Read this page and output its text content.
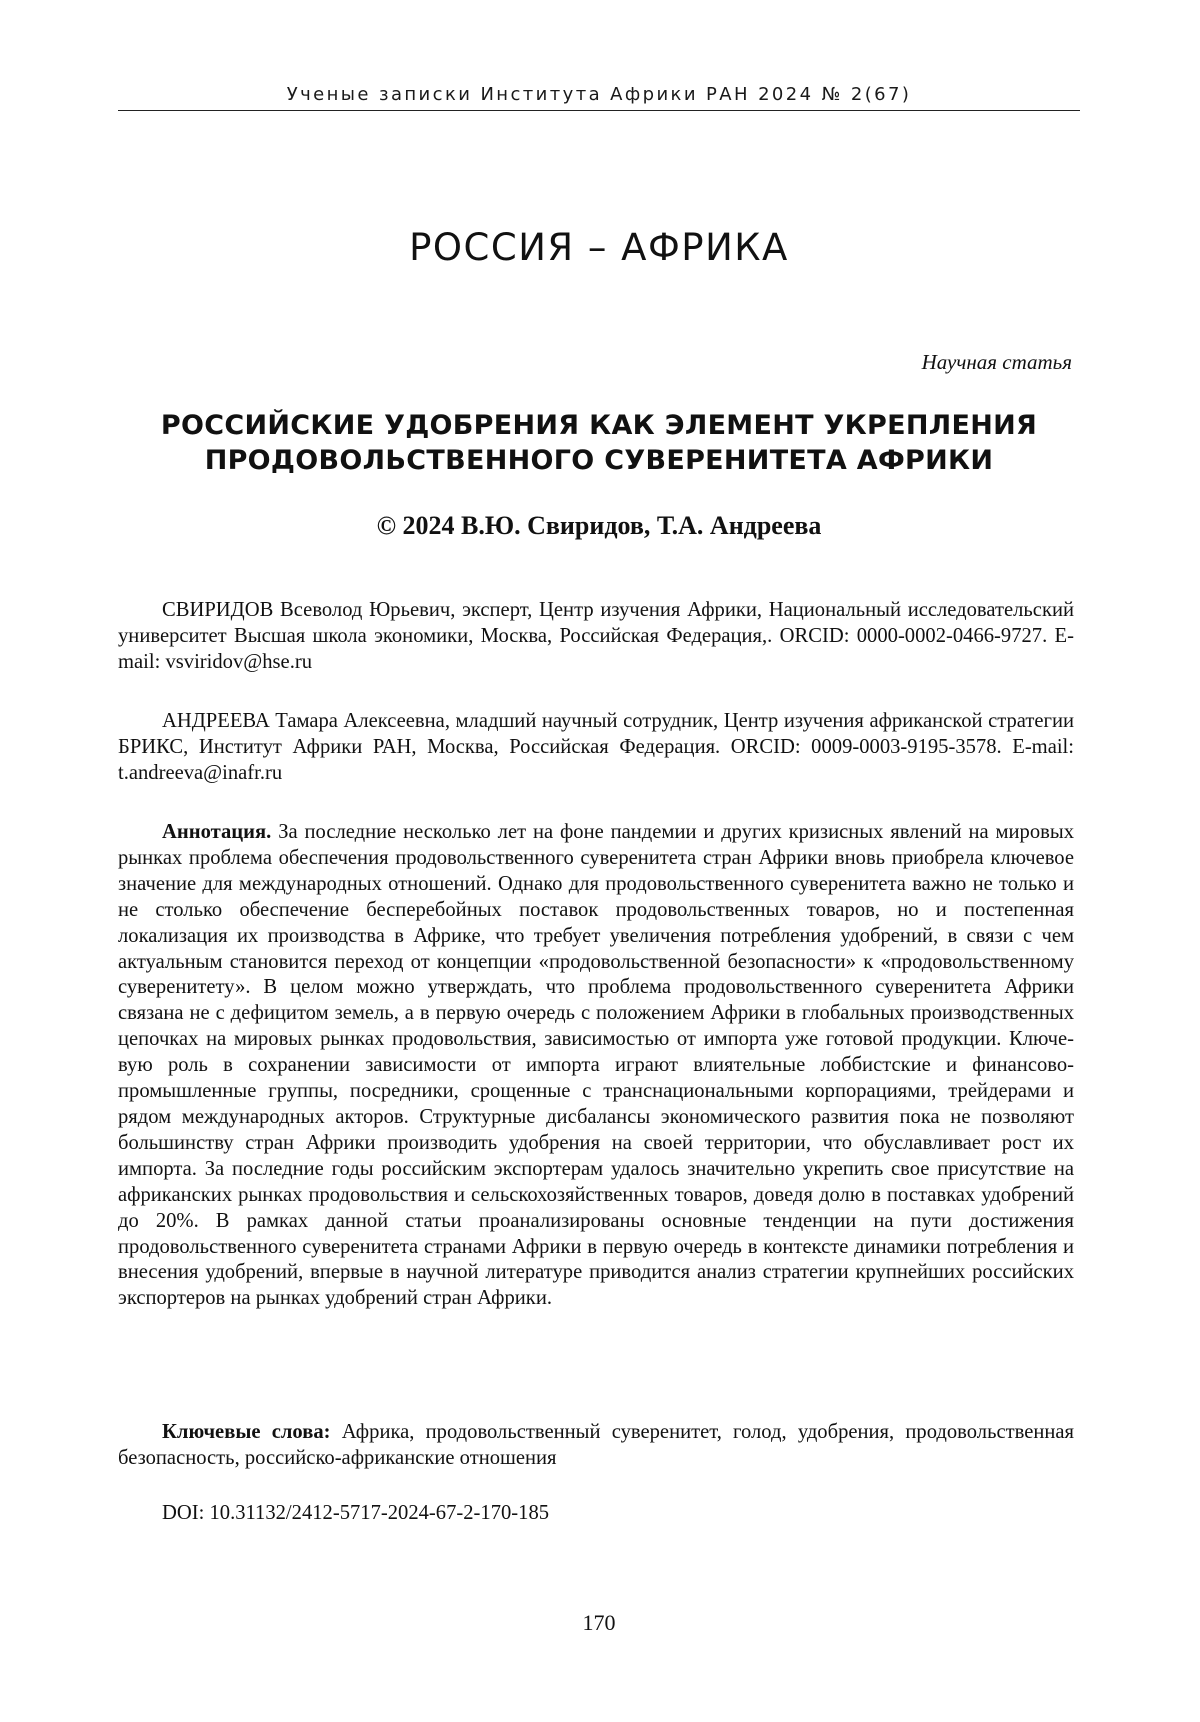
Ученые записки Института Африки РАН 2024 № 2(67)
РОССИЯ – АФРИКА
Научная статья
РОССИЙСКИЕ УДОБРЕНИЯ КАК ЭЛЕМЕНТ УКРЕПЛЕНИЯ
ПРОДОВОЛЬСТВЕННОГО СУВЕРЕНИТЕТА АФРИКИ
© 2024 В.Ю. Свиридов, Т.А. Андреева

СВИРИДОВ Всеволод Юрьевич, эксперт, Центр изучения Африки, Национальный исследовательский университет Высшая школа экономики, Москва, Российская Федерация,. ORCID: 0000-0002-0466-9727. E-mail: vsviridov@hse.ru

АНДРЕЕВА Тамара Алексеевна, младший научный сотрудник, Центр изучения африканской стратегии БРИКС, Институт Африки РАН, Москва, Российская Федерация. ORCID: 0009-0003-9195-3578. E-mail: t.andreeva@inafr.ru

Аннотация. За последние несколько лет на фоне пандемии и других кризисных явлений на мировых рынках проблема обеспечения продовольственного суверенитета стран Африки вновь приобрела ключевое значение для международных отношений. Однако для продовольственного суверенитета важно не только и не столько обеспечение бесперебойных поставок продовольственных товаров, но и постепенная локализация их производства в Африке, что требует увеличения потребления удобрений, в связи с чем актуальным становится переход от концепции «продовольственной безопасности» к «продовольственному суверенитету». В целом можно утверждать, что проблема продовольственного суверенитета Африки связана не с дефицитом земель, а в первую очередь с положением Африки в глобальных производственных цепочках на мировых рынках продовольствия, зависимостью от импорта уже готовой продукции. Ключевую роль в сохранении зависимости от импорта играют влиятельные лоббистские и финансово-промышленные группы, посредники, срощенные с транснациональными корпорациями, трейдерами и рядом международных акторов. Структурные дисбалансы экономического развития пока не позволяют большинству стран Африки производить удобрения на своей территории, что обуславливает рост их импорта. За последние годы российским экспортерам удалось значительно укрепить свое присутствие на африканских рынках продовольствия и сельскохозяйственных товаров, доведя долю в поставках удобрений до 20%. В рамках данной статьи проанализированы основные тенденции на пути достижения продовольственного суверенитета странами Африки в первую очередь в контексте динамики потребления и внесения удобрений, впервые в научной литературе приводится анализ стратегии крупнейших российских экспортеров на рынках удобрений стран Африки.

Ключевые слова: Африка, продовольственный суверенитет, голод, удобрения, продовольственная безопасность, российско-африканские отношения

DOI: 10.31132/2412-5717-2024-67-2-170-185

170
